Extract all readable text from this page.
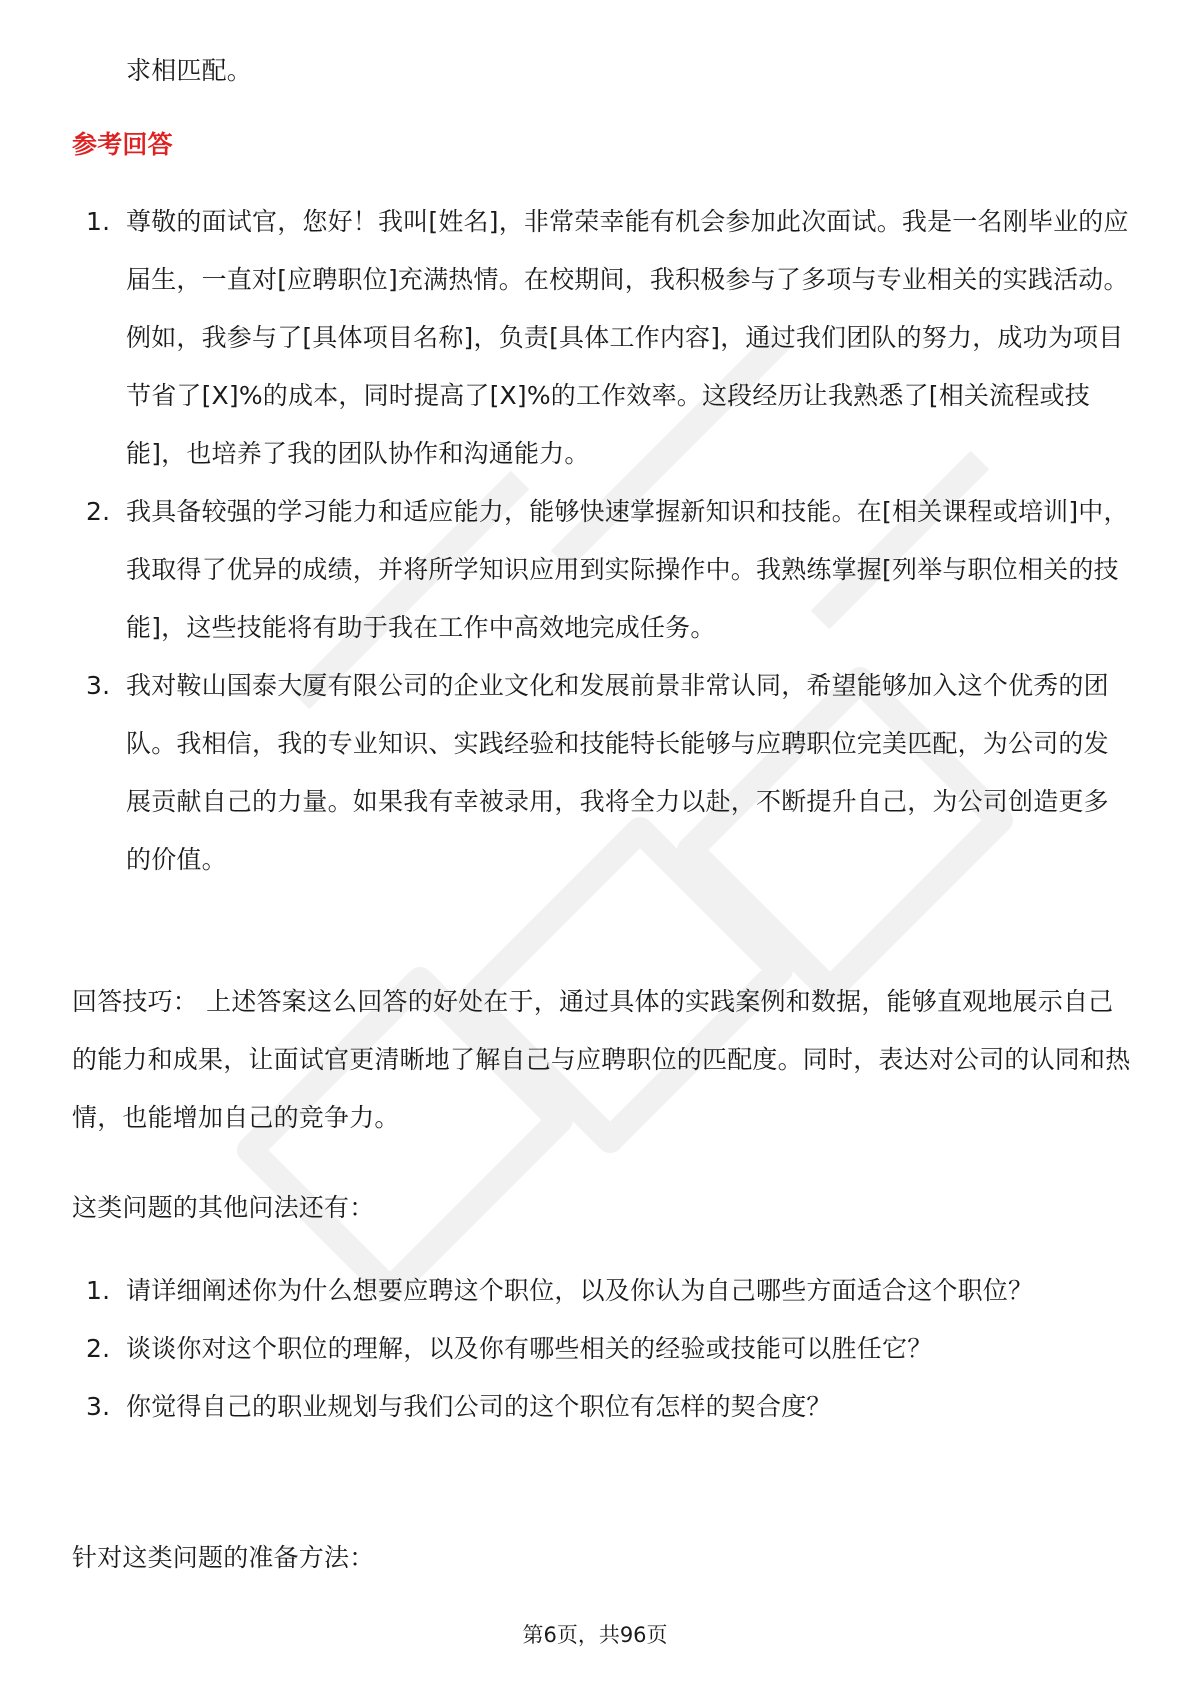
求相匹配。
参考回答
1. 尊敬的面试官，您好！我叫[姓名]，非常荣幸能有机会参加此次面试。我是一名刚毕业的应届生，一直对[应聘职位]充满热情。在校期间，我积极参与了多项与专业相关的实践活动。例如，我参与了[具体项目名称]，负责[具体工作内容]，通过我们团队的努力，成功为项目节省了[X]%的成本，同时提高了[X]%的工作效率。这段经历让我熟悉了[相关流程或技能]，也培养了我的团队协作和沟通能力。
2. 我具备较强的学习能力和适应能力，能够快速掌握新知识和技能。在[相关课程或培训]中，我取得了优异的成绩，并将所学知识应用到实际操作中。我熟练掌握[列举与职位相关的技能]，这些技能将有助于我在工作中高效地完成任务。
3. 我对鞍山国泰大厦有限公司的企业文化和发展前景非常认同，希望能够加入这个优秀的团队。我相信，我的专业知识、实践经验和技能特长能够与应聘职位完美匹配，为公司的发展贡献自己的力量。如果我有幸被录用，我将全力以赴，不断提升自己，为公司创造更多的价值。
回答技巧： 上述答案这么回答的好处在于，通过具体的实践案例和数据，能够直观地展示自己的能力和成果，让面试官更清晰地了解自己与应聘职位的匹配度。同时，表达对公司的认同和热情，也能增加自己的竞争力。
这类问题的其他问法还有：
1. 请详细阐述你为什么想要应聘这个职位，以及你认为自己哪些方面适合这个职位？
2. 谈谈你对这个职位的理解，以及你有哪些相关的经验或技能可以胜任它？
3. 你觉得自己的职业规划与我们公司的这个职位有怎样的契合度？
针对这类问题的准备方法：
第6页，共96页
